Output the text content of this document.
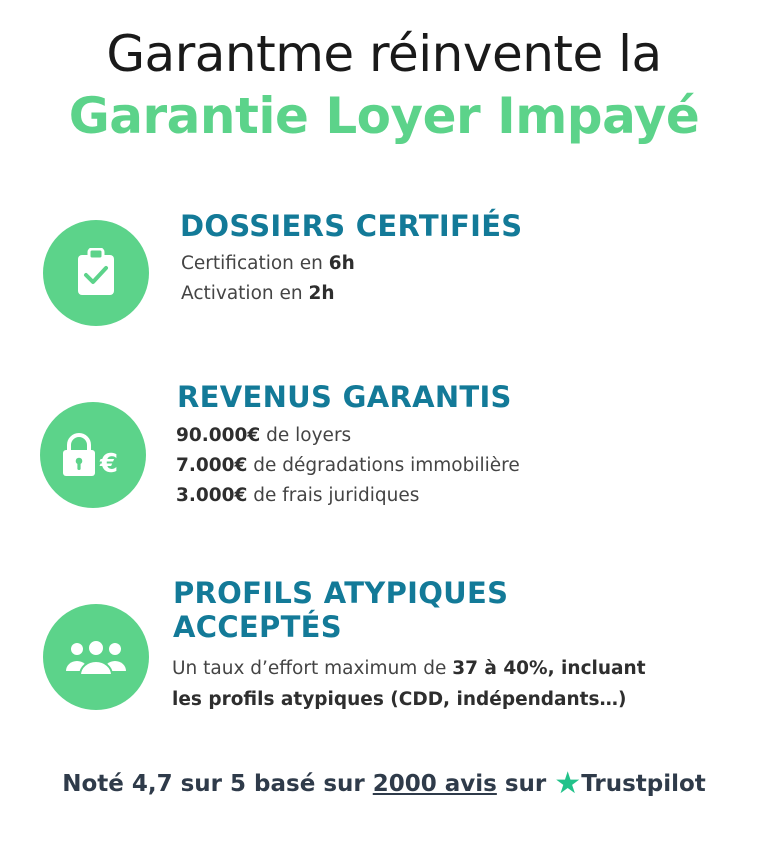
Garantme réinvente la
Garantie Loyer Impayé
DOSSIERS CERTIFIÉS
Certification en 6h
Activation en 2h
€
REVENUS GARANTIS
90.000€ de loyers
7.000€ de dégradations immobilière
3.000€ de frais juridiques
PROFILS ATYPIQUES
ACCEPTÉS
Un taux d’effort maximum de 37 à 40%, incluant
les profils atypiques (CDD, indépendants…)
Noté 4,7 sur 5 basé sur 2000 avis sur ★Trustpilot
